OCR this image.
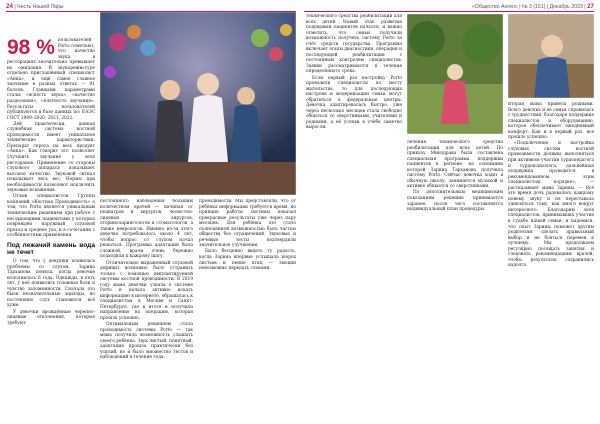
24 | Честь Нашей Лары	«Общество Ангел» | № 3 (161) | Декабрь 2023 | 27

98 % пользователей Porto отмечают, что качество звука в ресторациях значительно превышает их ожидания. В звукорежиссуре отдельно приглашённый специалист «Анна», и ещё самое главное значение в разных ответах — 91 баллов. Главными параметрами стали: «ясность звука», «качество разделения», «плотность звучания». Результаты пользователей публикуются в базе данных по: ЕАЭС ГОСТ 1999–2020, 2021, 2022.

Дей практически, данная служебная система костной проводимости имеет уникальное технические характеристики. Препарат спроса на весь продукт «Анна». Как говорит это позволяет улучшить звучание у всех ресторанов. Применение со стороны слухового аппарата показывает высокое качество. Звуковой сигнал показывает весь вес. Нормы при необходимости позволяют исключить звуковые искажения.

Отзыв специалистов Группы компаний «Костная Проводимость» о том, что Porto является уникальным техническим решением при работе с неслышащими пациентами у которых повреждён наружный слуховой проход и среднее ухо, и в сочетании с особенностями применения.

Под лежачий камень вода не течет

О том, что у девушки появилась проблемы со слухом, Зарина Тарханова поняла, когда девочке исполнилось 6 года. Однажды, в пять лет, у неё появились головные боли и чувство заложенности. Сначала это были незначительные эпизоды, но постепенно слух становился всё хуже.

У девочки врождённые черепно-лицевые отклонения, которые требуют

постоянного наблюдения большим количеством врачей — начиная от педиатров и хирургов, челюстно-лицевых хирургов, оториноларингологов и стоматологов, а также неврологов. Именно из-за этого девочке потребовалось около 4 лет, чтобы вопрос со слухом начал решаться. Программа адаптации была сложной, врачи очень бережно подходили к каждому шагу.

Отличительно выраженный слуховой дефицит возможно было устранить только с помощью имплантируемой системы костной проводимости. В 2019 году мама девочки узнала о системе Porto и начала активно искать информацию в интернете, обращалась к специалистам в Москве и Санкт-Петербурге, где в итоге и получила направление на операцию, которая прошла успешно.

Оптимальным решением стала проводимость системы Porto — так мама получила возможность слышать своего ребёнка. Звук чистый, понятный, адаптация прошла практически без усилий, но и было множество тестов и наблюдений в течение года.

проводимости. Мы представляли, что от ребёнка информации требуется время, но принцип работы системы показал прекрасные результаты уже через пару месяцев. Для ребёнка это стало полноценной возможностью быть частью общества без ограничений. Звуковые и речевые тесты подтвердили значительное улучшение.

Было бесценно видеть ту радость, когда Зарина впервые услышала шорох листьев и пение птиц — эмоции невозможно передать словами.

технического средства реабилитации для всех детей. Новый этап развития поддержки пациентов начался, и важно отметить, что семьи получили возможность получить систему Porto за счёт средств государства. Программа включает этапы диагностики, операции и последующей реабилитации с постоянным контролем специалистов. Заявки рассматриваются в течение определённого срока.

Если первый раз настройку Porto проводили специалисты по месту жительства, то для последующих настроек и модернизации семьи могут обратиться в федеральные центры. Девочка адаптировалась быстро, уже через несколько месяцев стала свободно общаться со сверстниками, учителями и родными, а её успехи в учёбе заметно выросли.

лечения технического средства реабилитации для всех детей. По приказу Минздрава была составлена специальная программа поддержки пациентов в регионе, на основании которой Зарина Тарханова получила систему Porto. Сейчас девочка ходит в обычную школу, занимается музыкой и активно общается со сверстниками.

По дополнительным медицинским показаниям решение принимается заранее, после чего составляется индивидуальный план процедуры.

Вторая мама привела родными. Всего девочка и её семья справилась с трудностями, благодаря поддержке специалистов и оборудованию, которое обеспечивает ежедневный комфорт. Как и в первый раз, все прошло успешно.

«Подключение и настройка слуховых систем костной проводимости должны выполняться при активном участии сурдопедагога и сурдопсихолога, дальнейшая поддержка проводится в рекомендованном этим специалистом порядке», — рассказывает мама Зарины. — Всё это время дочь радовалась каждому новому звуку и не переставала удивляться тому, как много вокруг интересного. Благодарим всех специалистов, принимавших участие в судьбе нашей семьи, и надеемся, что опыт Зарины поможет другим родителям сделать правильный выбор и не бояться перемен к лучшему. Мы продолжаем регулярно посещать занятия и следовать рекомендациям врачей, чтобы результаты сохранились надолго.
